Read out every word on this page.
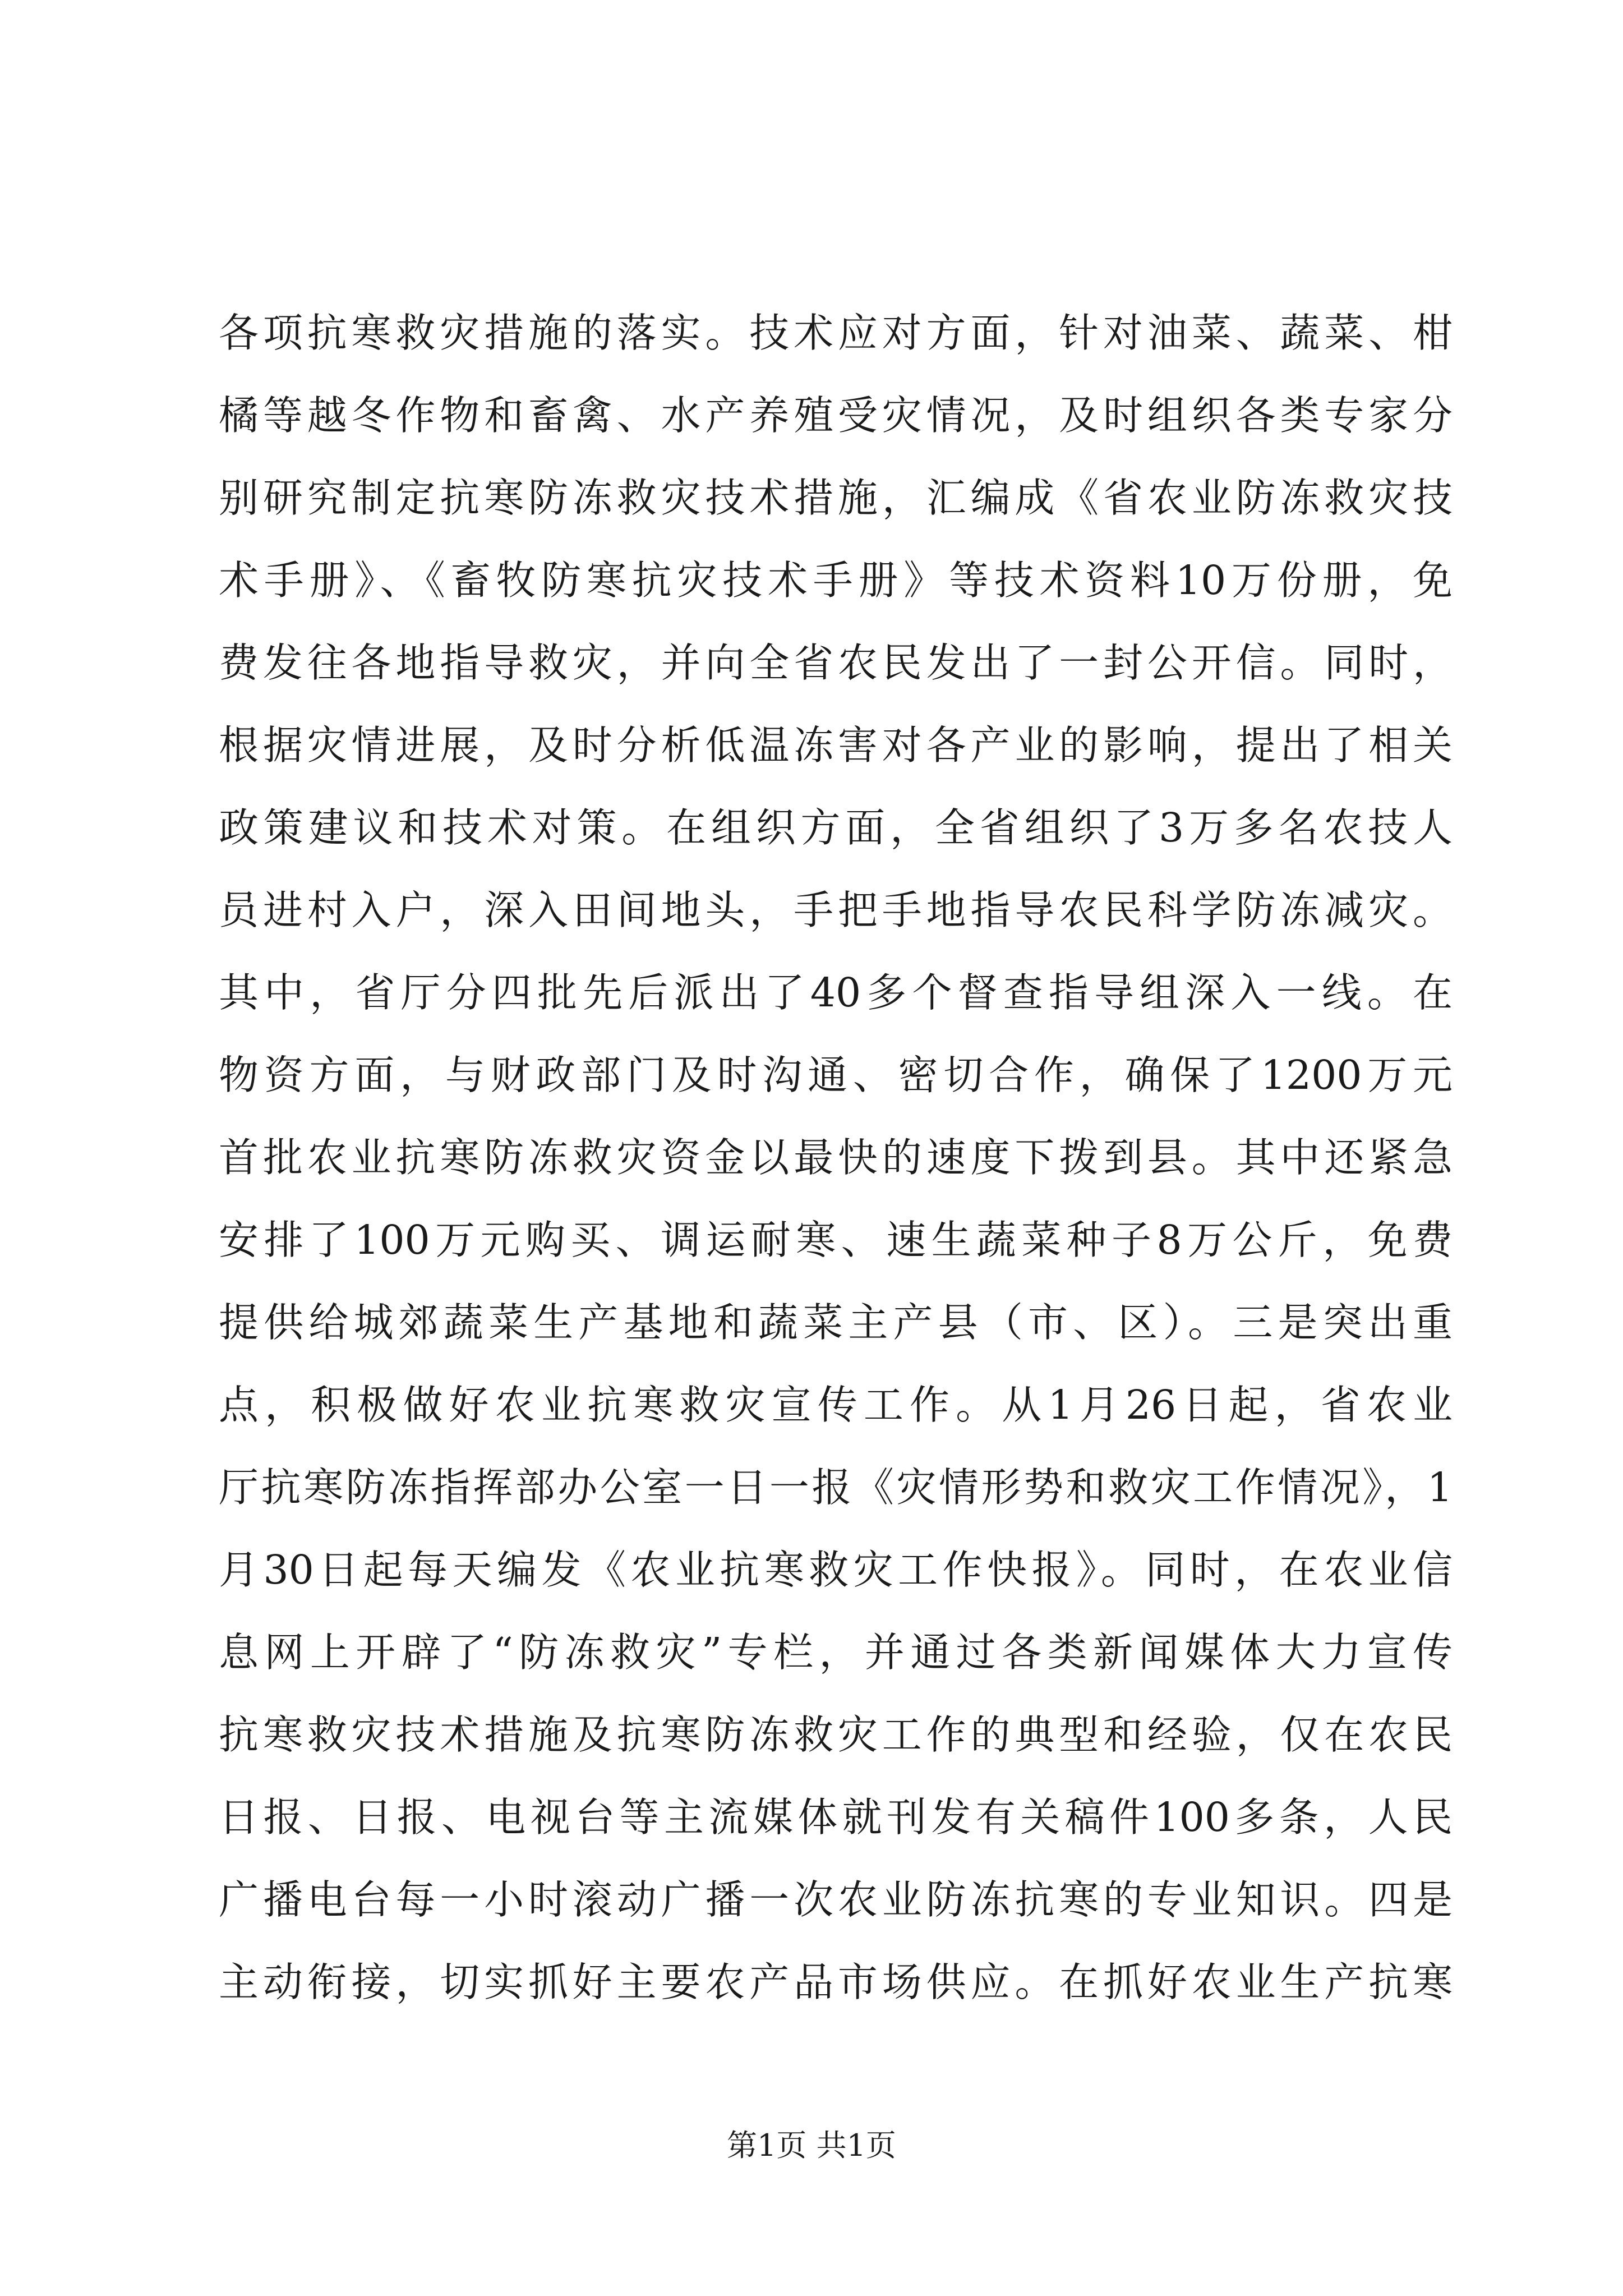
各项抗寒救灾措施的落实。技术应对方面，针对油菜、蔬菜、柑
橘等越冬作物和畜禽、水产养殖受灾情况，及时组织各类专家分
别研究制定抗寒防冻救灾技术措施，汇编成《省农业防冻救灾技
术手册》、《畜牧防寒抗灾技术手册》等技术资料10万份册，免
费发往各地指导救灾，并向全省农民发出了一封公开信。同时，
根据灾情进展，及时分析低温冻害对各产业的影响，提出了相关
政策建议和技术对策。在组织方面，全省组织了3万多名农技人
员进村入户，深入田间地头，手把手地指导农民科学防冻减灾。
其中，省厅分四批先后派出了40多个督查指导组深入一线。在
物资方面，与财政部门及时沟通、密切合作，确保了1200万元
首批农业抗寒防冻救灾资金以最快的速度下拨到县。其中还紧急
安排了100万元购买、调运耐寒、速生蔬菜种子8万公斤，免费
提供给城郊蔬菜生产基地和蔬菜主产县（市、区）。三是突出重
点，积极做好农业抗寒救灾宣传工作。从1月26日起，省农业
厅抗寒防冻指挥部办公室一日一报《灾情形势和救灾工作情况》，1
月30日起每天编发《农业抗寒救灾工作快报》。同时，在农业信
息网上开辟了“防冻救灾”专栏，并通过各类新闻媒体大力宣传
抗寒救灾技术措施及抗寒防冻救灾工作的典型和经验，仅在农民
日报、日报、电视台等主流媒体就刊发有关稿件100多条，人民
广播电台每一小时滚动广播一次农业防冻抗寒的专业知识。四是
主动衔接，切实抓好主要农产品市场供应。在抓好农业生产抗寒
第1页 共1页
